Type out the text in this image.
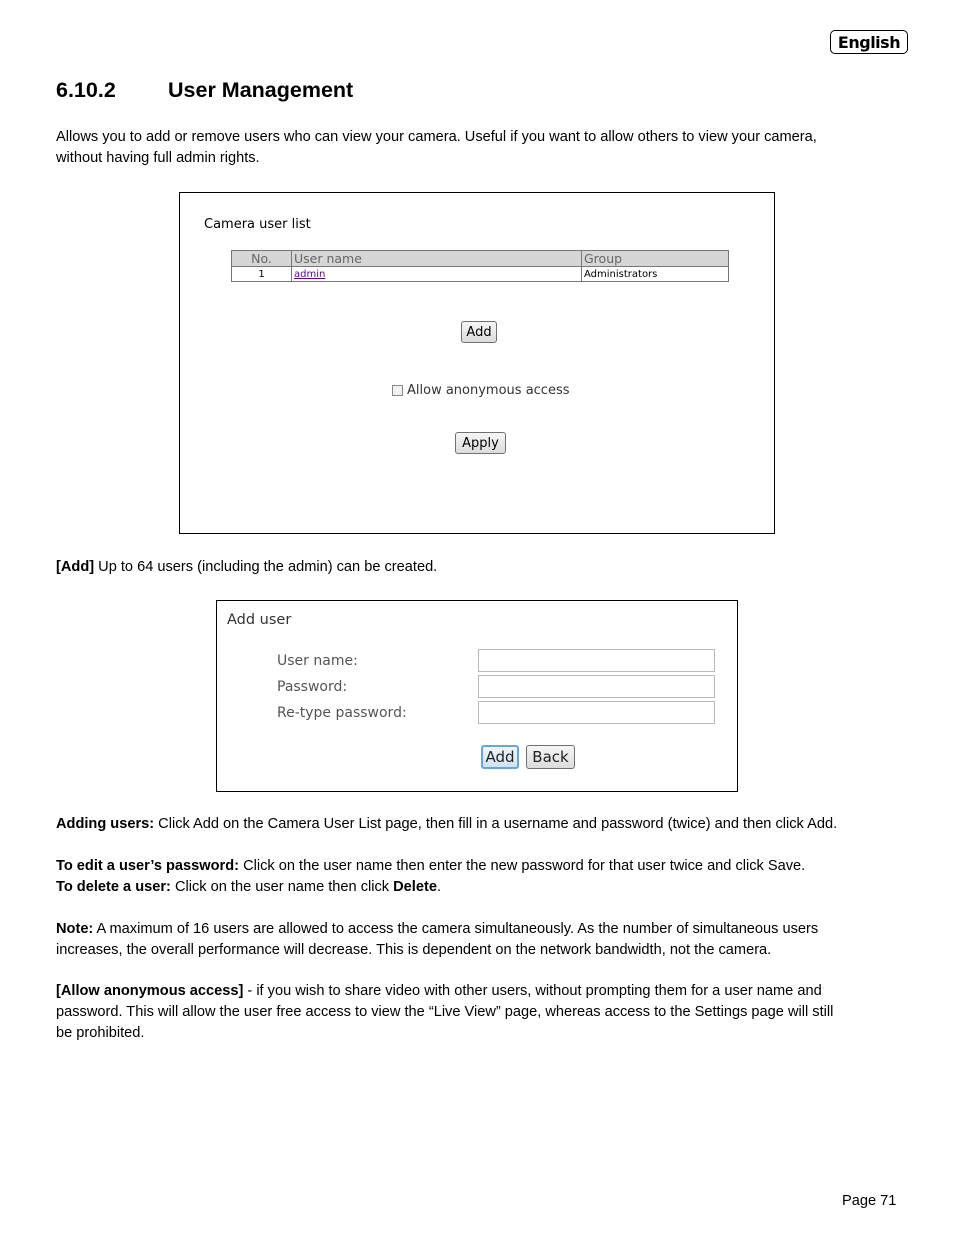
English
6.10.2 User Management
Allows you to add or remove users who can view your camera. Useful if you want to allow others to view your camera,
without having full admin rights.
Camera user list
No.	User name	Group
1	admin	Administrators
Add
Allow anonymous access
Apply
[Add] Up to 64 users (including the admin) can be created.
Add user
User name:
Password:
Re-type password:
Add	Back
Adding users: Click Add on the Camera User List page, then fill in a username and password (twice) and then click Add.
To edit a user’s password: Click on the user name then enter the new password for that user twice and click Save.
To delete a user: Click on the user name then click Delete.
Note: A maximum of 16 users are allowed to access the camera simultaneously. As the number of simultaneous users
increases, the overall performance will decrease. This is dependent on the network bandwidth, not the camera.
[Allow anonymous access] - if you wish to share video with other users, without prompting them for a user name and
password. This will allow the user free access to view the “Live View” page, whereas access to the Settings page will still
be prohibited.
Page 71
